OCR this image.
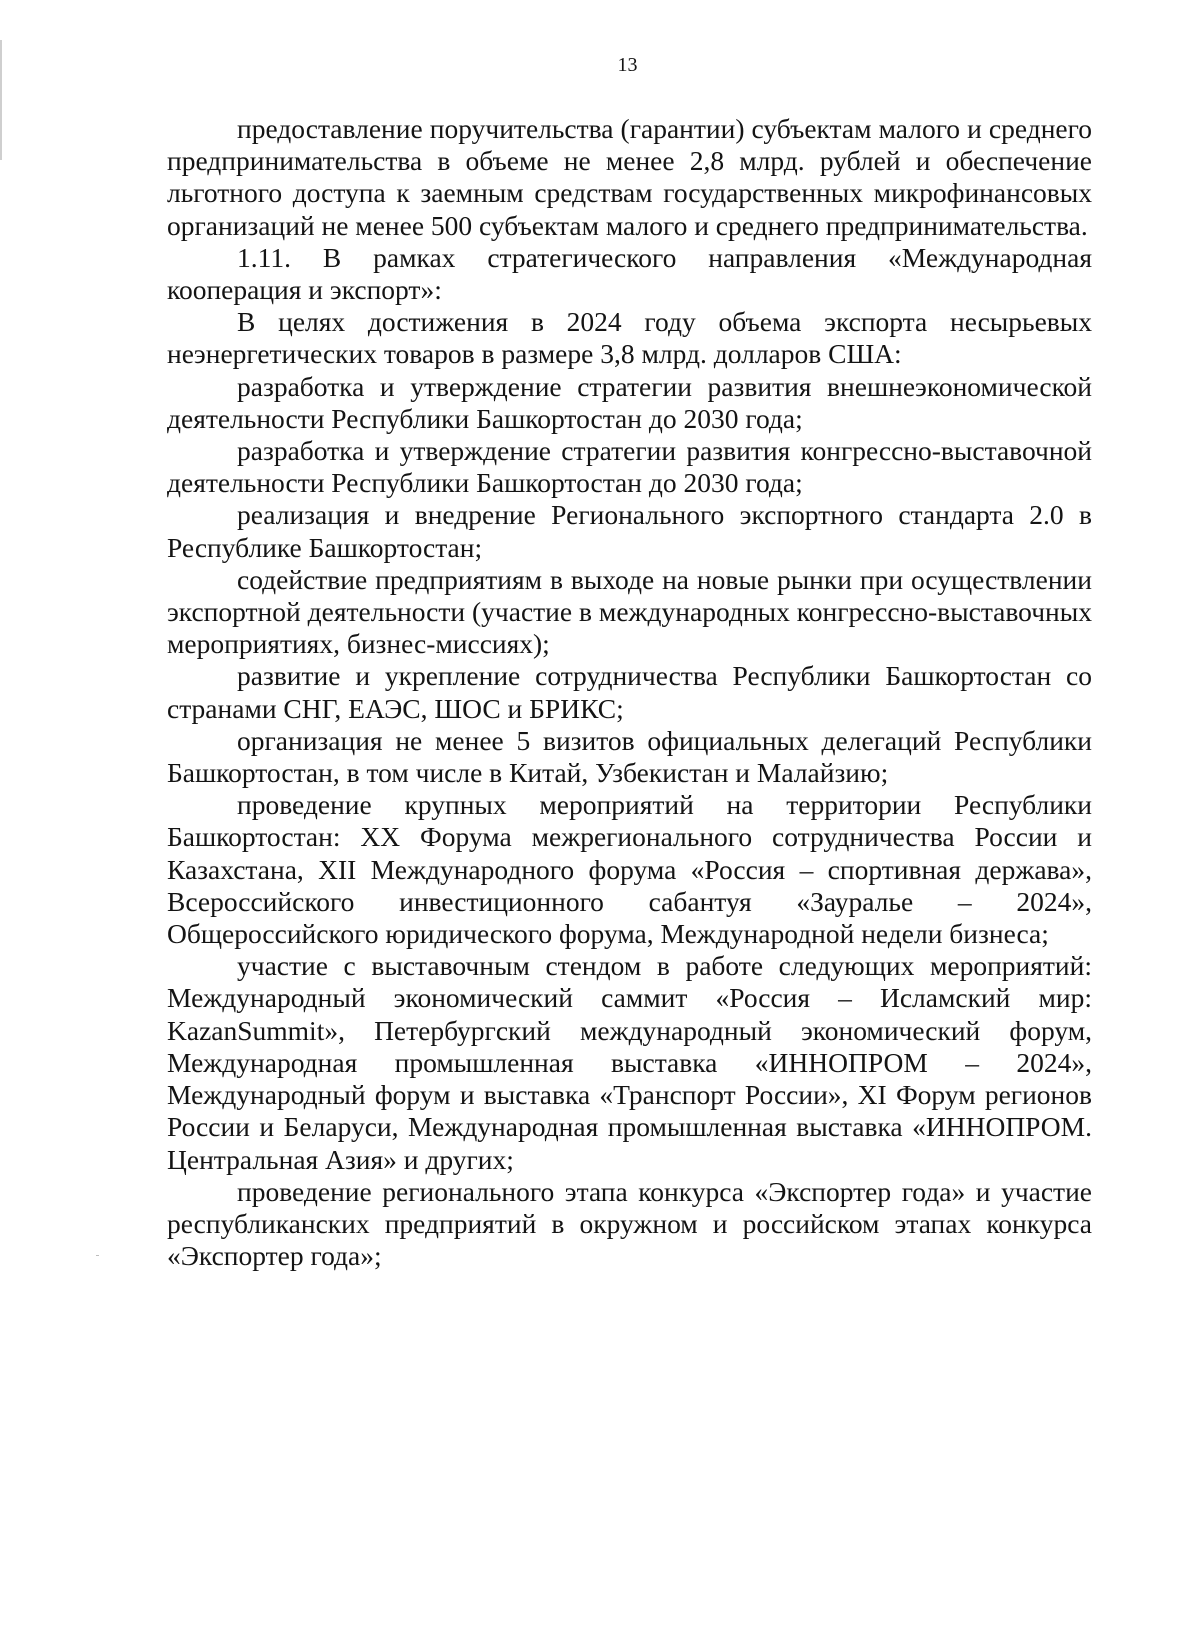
13

предоставление поручительства (гарантии) субъектам малого и среднего предпринимательства в объеме не менее 2,8 млрд. рублей и обеспечение льготного доступа к заемным средствам государственных микрофинансовых организаций не менее 500 субъектам малого и среднего предпринимательства.

1.11. В рамках стратегического направления «Международная кооперация и экспорт»:

В целях достижения в 2024 году объема экспорта несырьевых неэнергетических товаров в размере 3,8 млрд. долларов США:

разработка и утверждение стратегии развития внешнеэкономической деятельности Республики Башкортостан до 2030 года;

разработка и утверждение стратегии развития конгрессно-выставочной деятельности Республики Башкортостан до 2030 года;

реализация и внедрение Регионального экспортного стандарта 2.0 в Республике Башкортостан;

содействие предприятиям в выходе на новые рынки при осуществлении экспортной деятельности (участие в международных конгрессно-выставочных мероприятиях, бизнес-миссиях);

развитие и укрепление сотрудничества Республики Башкортостан со странами СНГ, ЕАЭС, ШОС и БРИКС;

организация не менее 5 визитов официальных делегаций Республики Башкортостан, в том числе в Китай, Узбекистан и Малайзию;

проведение крупных мероприятий на территории Республики Башкортостан: XX Форума межрегионального сотрудничества России и Казахстана, XII Международного форума «Россия – спортивная держава», Всероссийского инвестиционного сабантуя «Зауралье – 2024», Общероссийского юридического форума, Международной недели бизнеса;

участие с выставочным стендом в работе следующих мероприятий: Международный экономический саммит «Россия – Исламский мир: KazanSummit», Петербургский международный экономический форум, Международная промышленная выставка «ИННОПРОМ – 2024», Международный форум и выставка «Транспорт России», XI Форум регионов России и Беларуси, Международная промышленная выставка «ИННОПРОМ. Центральная Азия» и других;

проведение регионального этапа конкурса «Экспортер года» и участие республиканских предприятий в окружном и российском этапах конкурса «Экспортер года»;
